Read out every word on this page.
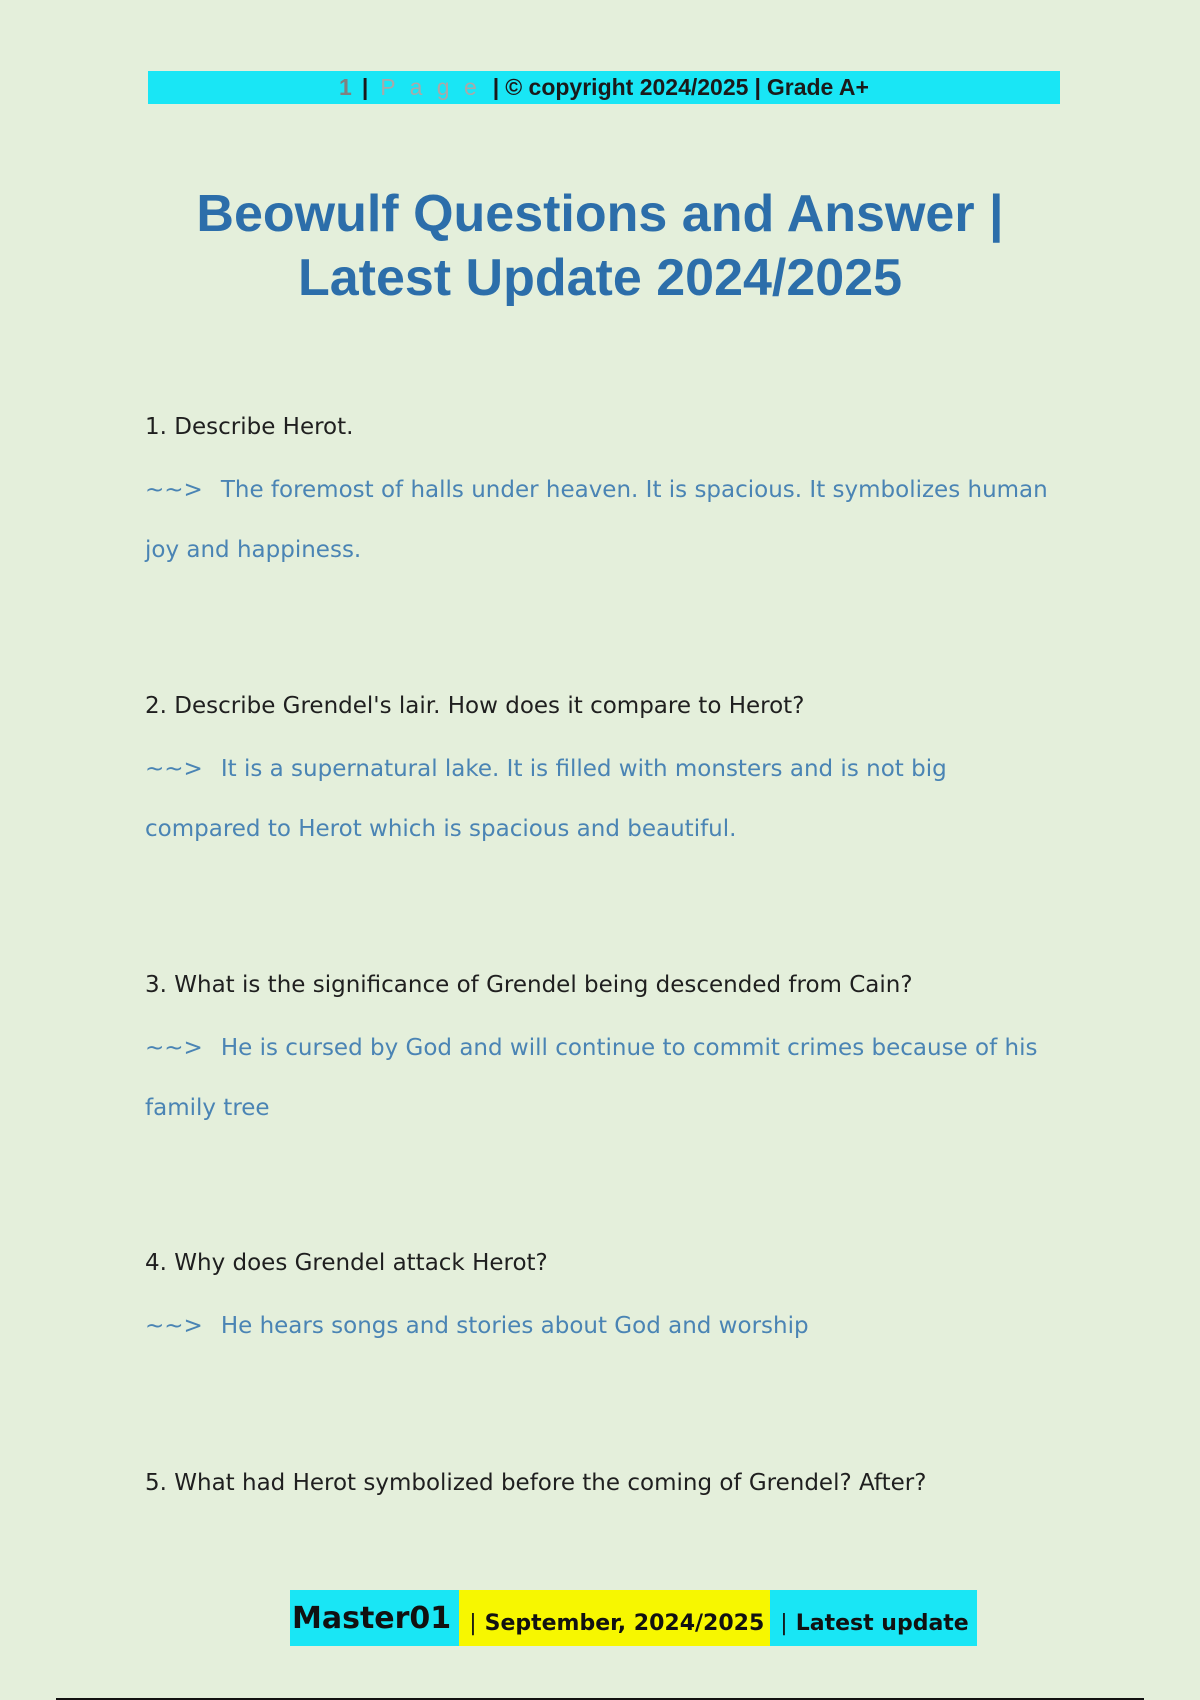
1 | P a g e | © copyright 2024/2025 | Grade A+
Beowulf Questions and Answer |
Latest Update 2024/2025

1. Describe Herot.

~~> The foremost of halls under heaven. It is spacious. It symbolizes human joy and happiness.

2. Describe Grendel's lair. How does it compare to Herot?

~~> It is a supernatural lake. It is filled with monsters and is not big compared to Herot which is spacious and beautiful.

3. What is the significance of Grendel being descended from Cain?

~~> He is cursed by God and will continue to commit crimes because of his family tree

4. Why does Grendel attack Herot?

~~> He hears songs and stories about God and worship

5. What had Herot symbolized before the coming of Grendel? After?

Master01 | September, 2024/2025 | Latest update
